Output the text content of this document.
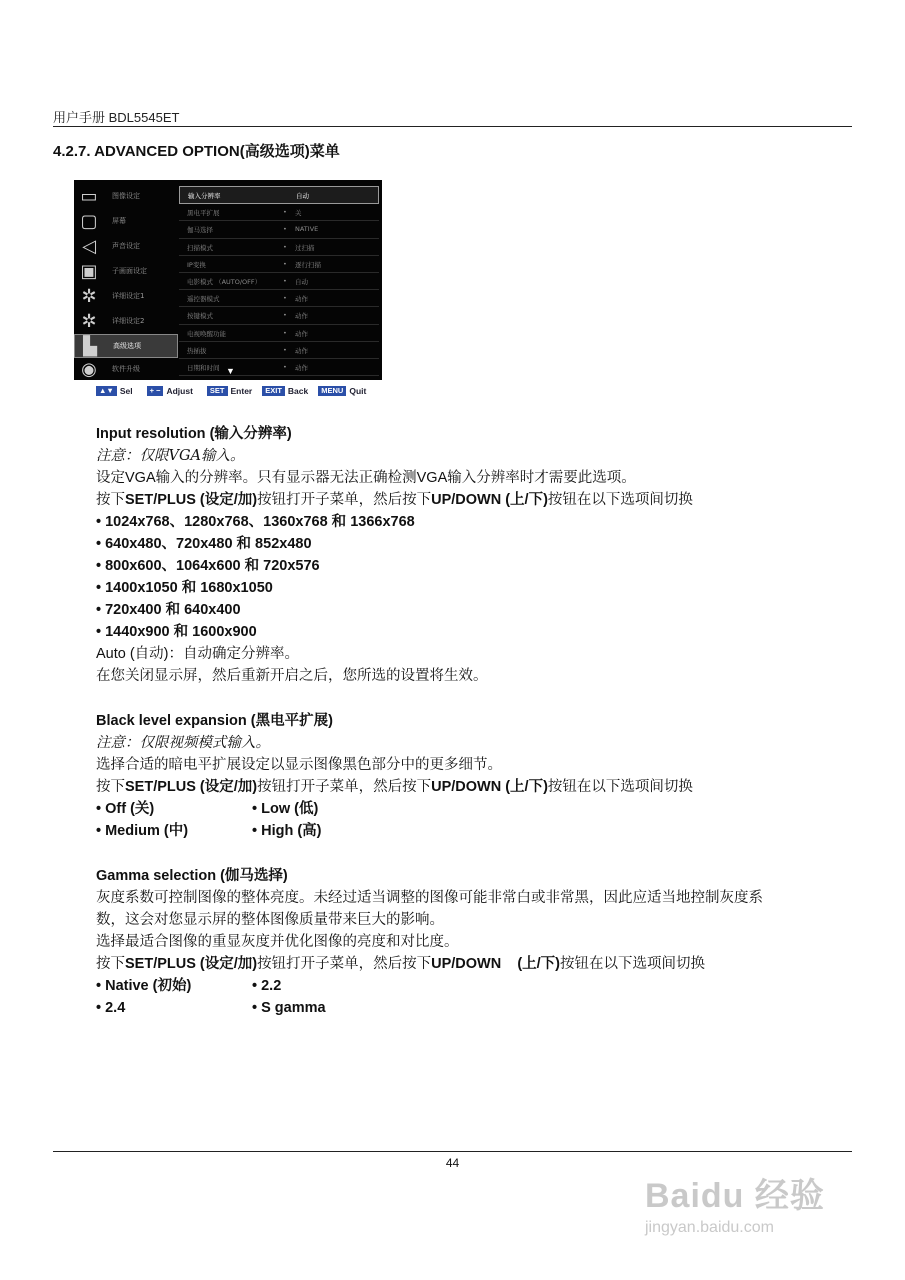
用户手册 BDL5545ET
4.2.7. ADVANCED OPTION(高级选项)菜单
▭	图像设定
▢	屏幕
◁	声音设定
▣	子画面设定
✲	详细设定1
✲	详细设定2
▙	高级选项
◉	软件升级
输入分辨率	自动
黑电平扩展	• 关
伽马选择	• NATIVE
扫描模式	• 过扫描
IP变换	• 逐行扫描
电影模式 （AUTO/OFF）	• 自动
遥控器模式	• 动作
按键模式	• 动作
电视唤醒功能	• 动作
热插拔	• 动作
日期和时间	• 动作
▼
▲▼ Sel	+ − Adjust	SET Enter	EXIT Back	MENU Quit
Input resolution (输入分辨率)
注意：仅限VGA输入。
设定VGA输入的分辨率。只有显示器无法正确检测VGA输入分辨率时才需要此选项。
按下SET/PLUS (设定/加)按钮打开子菜单，然后按下UP/DOWN (上/下)按钮在以下选项间切换
• 1024x768、1280x768、1360x768 和 1366x768
• 640x480、720x480 和 852x480
• 800x600、1064x600 和 720x576
• 1400x1050 和 1680x1050
• 720x400 和 640x400
• 1440x900 和 1600x900
Auto (自动)：自动确定分辨率。
在您关闭显示屏，然后重新开启之后，您所选的设置将生效。
Black level expansion (黑电平扩展)
注意：仅限视频模式输入。
选择合适的暗电平扩展设定以显示图像黑色部分中的更多细节。
按下SET/PLUS (设定/加)按钮打开子菜单，然后按下UP/DOWN (上/下)按钮在以下选项间切换
• Off (关)	• Low (低)
• Medium (中)	• High (高)
Gamma selection (伽马选择)
灰度系数可控制图像的整体亮度。未经过适当调整的图像可能非常白或非常黑，因此应适当地控制灰度系
数，这会对您显示屏的整体图像质量带来巨大的影响。
选择最适合图像的重显灰度并优化图像的亮度和对比度。
按下SET/PLUS (设定/加)按钮打开子菜单，然后按下UP/DOWN    (上/下)按钮在以下选项间切换
• Native (初始)	• 2.2
• 2.4	• S gamma
44
Baidu 经验
jingyan.baidu.com
